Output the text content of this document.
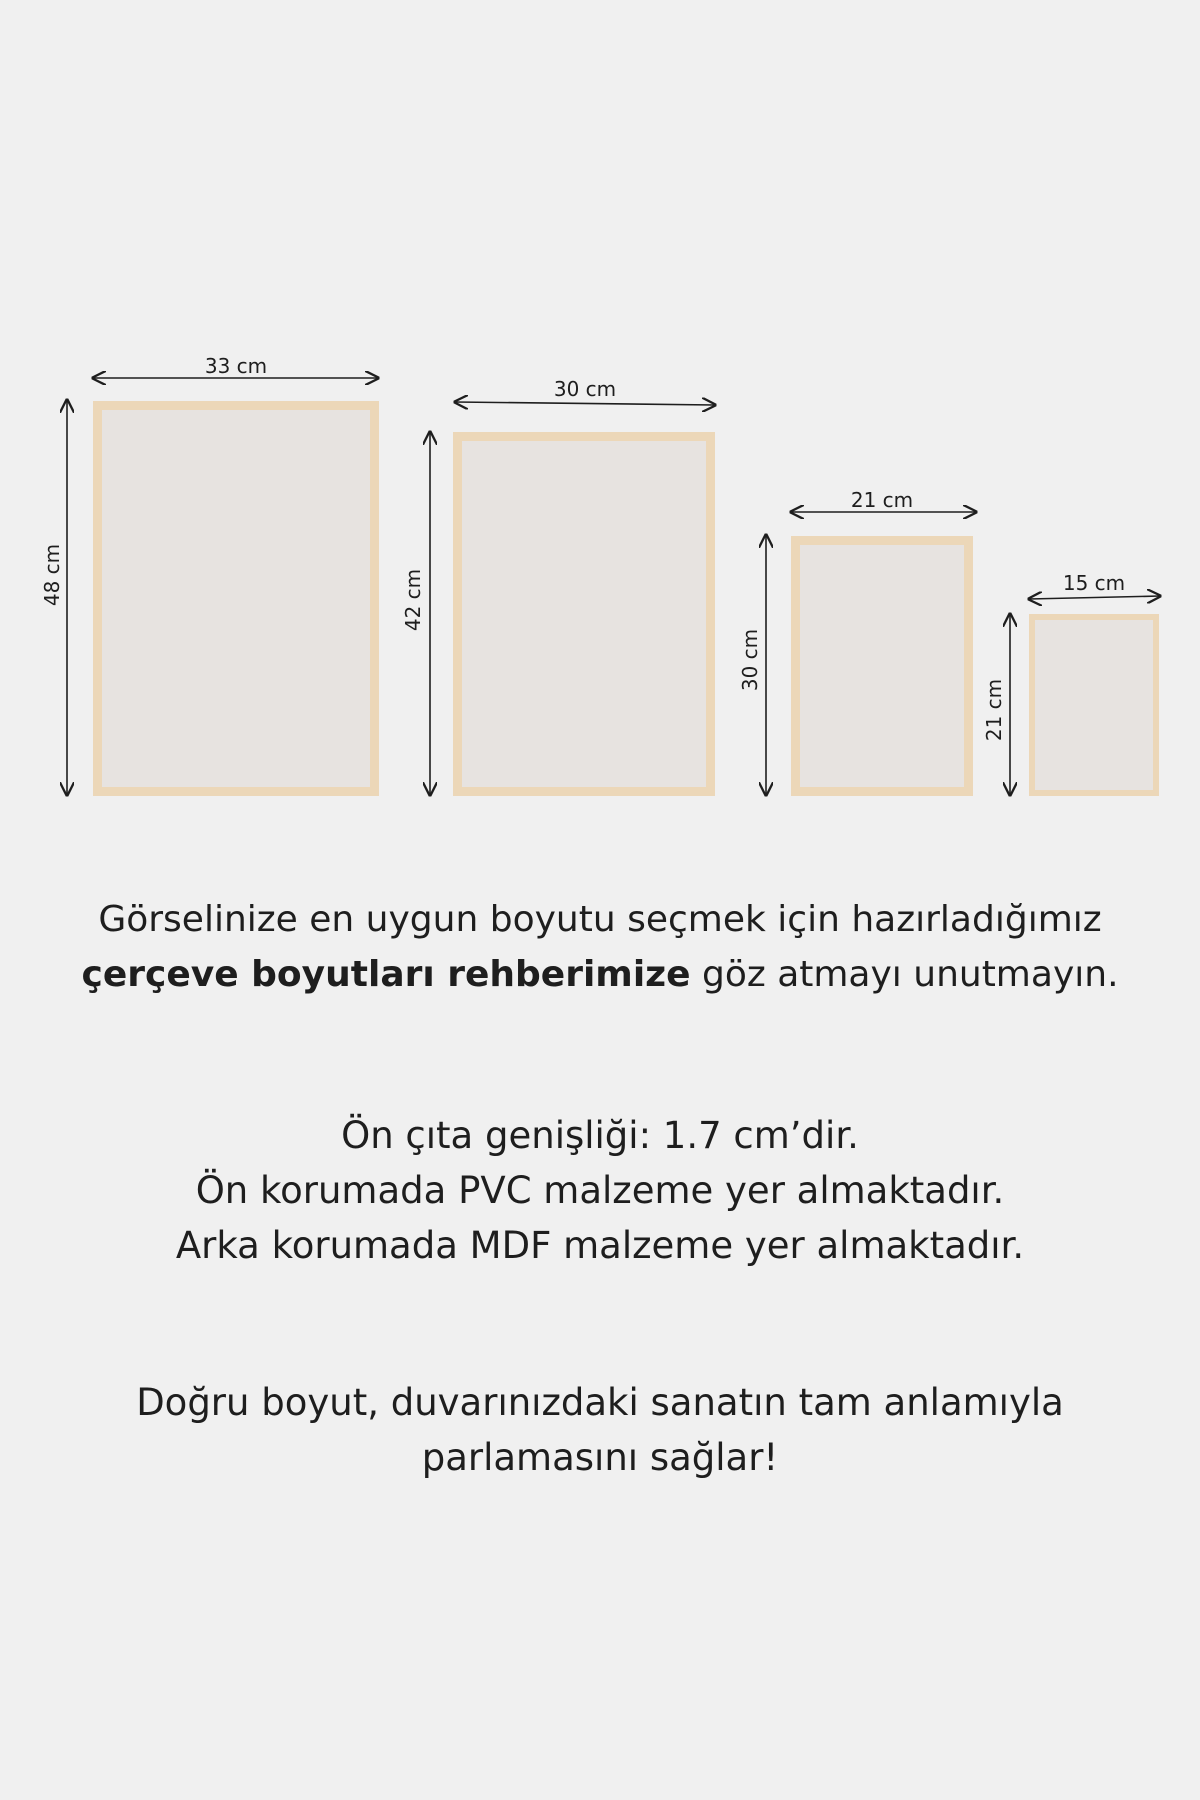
33 cm
30 cm
21 cm
15 cm
48 cm	42 cm
30 cm
21 cm
Görselinize en uygun boyutu seçmek için hazırladığımız
çerçeve boyutları rehberimize göz atmayı unutmayın.
Ön çıta genişliği: 1.7 cm’dir.
Ön korumada PVC malzeme yer almaktadır.
Arka korumada MDF malzeme yer almaktadır.
Doğru boyut, duvarınızdaki sanatın tam anlamıyla
parlamasını sağlar!
